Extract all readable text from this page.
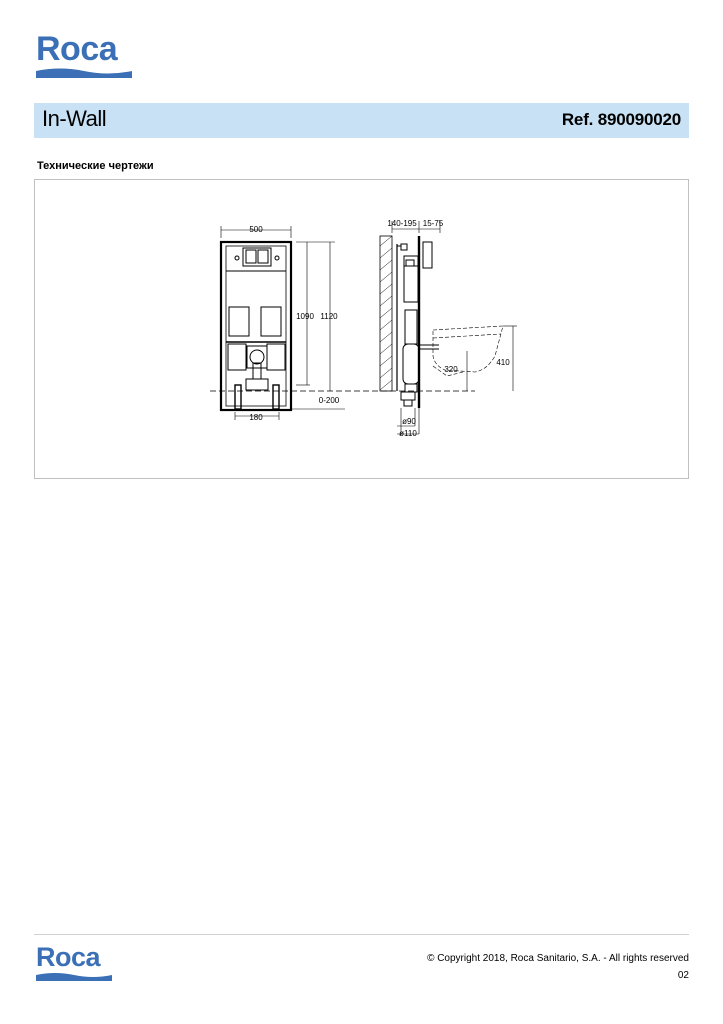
Roca
In-Wall	Ref. 890090020
Технические чертежи
500
1090 1120
180
0-200
140-195 15-75
410
320
ø90
ø110
Roca	© Copyright 2018, Roca Sanitario, S.A. - All rights reserved
02
